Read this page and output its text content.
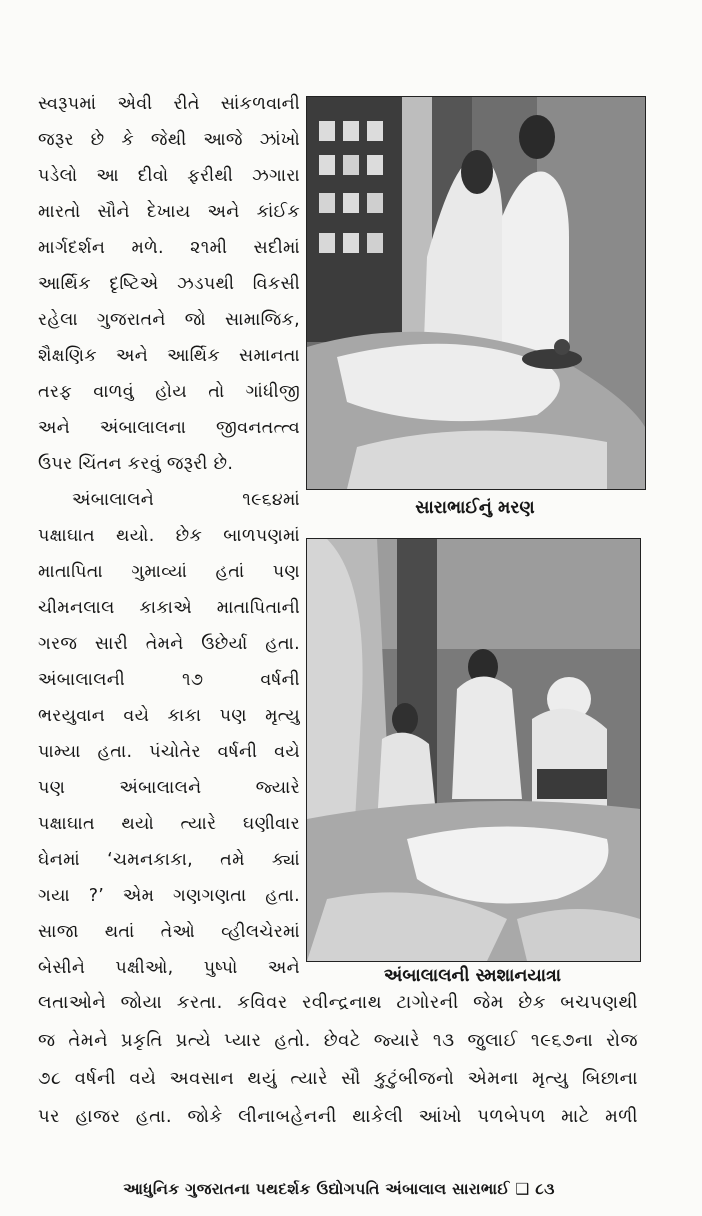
સ્વરૂપમાં એવી રીતે સાંકળવાની
જરૂર છે કે જેથી આજે ઝાંખો
પડેલો આ દીવો ફરીથી ઝગારા
મારતો સૌને દેખાય અને કાંઈક
માર્ગદર્શન મળે. ૨૧મી સદીમાં
આર્થિક દૃષ્ટિએ ઝડપથી વિકસી
રહેલા ગુજરાતને જો સામાજિક,
શૈક્ષણિક અને આર્થિક સમાનતા
તરફ વાળવું હોય તો ગાંધીજી
અને અંબાલાલના જીવનતત્ત્વ
ઉપર ચિંતન કરવું જરૂરી છે.
અંબાલાલને ૧૯૬૪માં
પક્ષાઘાત થયો. છેક બાળપણમાં
માતાપિતા ગુમાવ્યાં હતાં પણ
ચીમનલાલ કાકાએ માતાપિતાની
ગરજ સારી તેમને ઉછેર્યા હતા.
અંબાલાલની ૧૭ વર્ષની
ભરયુવાન વયે કાકા પણ મૃત્યુ
પામ્યા હતા. પંચોતેર વર્ષની વયે
પણ અંબાલાલને જ્યારે
પક્ષાઘાત થયો ત્યારે ઘણીવાર
ઘેનમાં ‘ચમનકાકા, તમે ક્યાં
ગયા ?’ એમ ગણગણતા હતા.
સાજા થતાં તેઓ વ્હીલચેરમાં
બેસીને પક્ષીઓ, પુષ્પો અને
સારાભાઈનું મરણ
અંબાલાલની સ્મશાનયાત્રા
લતાઓને જોયા કરતા. કવિવર રવીન્દ્રનાથ ટાગોરની જેમ છેક બચપણથી
જ તેમને પ્રકૃતિ પ્રત્યે પ્યાર હતો. છેવટે જ્યારે ૧૩ જુલાઈ ૧૯૬૭ના રોજ
૭૮ વર્ષની વયે અવસાન થયું ત્યારે સૌ કુટુંબીજનો એમના મૃત્યુ બિછાના
પર હાજર હતા. જોકે લીનાબહેનની થાકેલી આંખો પળબેપળ માટે મળી
આધુનિક ગુજરાતના પથદર્શક ઉદ્યોગપતિ અંબાલાલ સારાભાઈ ❑ ૮૩
